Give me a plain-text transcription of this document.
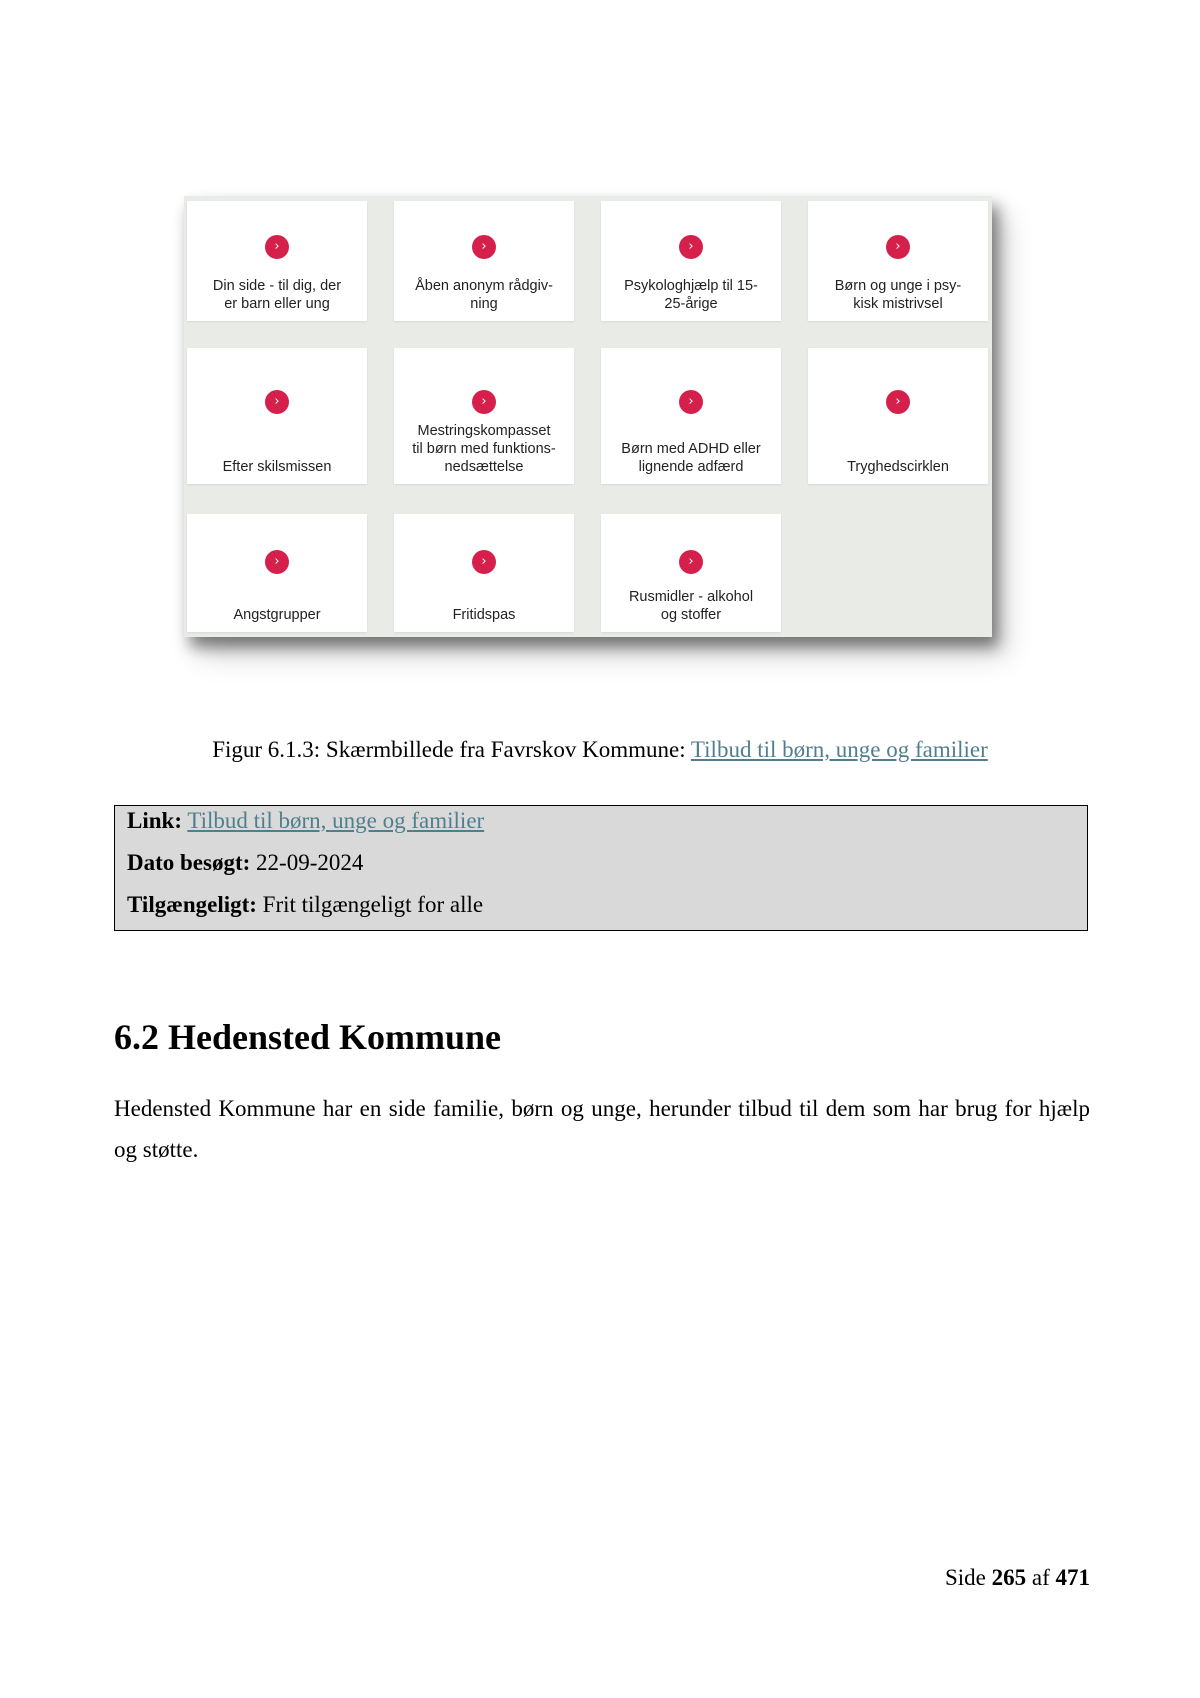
›
Din side - til dig, der
er barn eller ung
›
Åben anonym rådgiv-
ning
›
Psykologhjælp til 15-
25-årige
›
Børn og unge i psy-
kisk mistrivsel
›
Efter skilsmissen
›
Mestringskompasset
til børn med funktions-
nedsættelse
›
Børn med ADHD eller
lignende adfærd
›
Tryghedscirklen
›
Angstgrupper
›
Fritidspas
›
Rusmidler - alkohol
og stoffer
Figur 6.1.3: Skærmbillede fra Favrskov Kommune: Tilbud til børn, unge og familier
Link: Tilbud til børn, unge og familier
Dato besøgt: 22-09-2024
Tilgængeligt: Frit tilgængeligt for alle
6.2 Hedensted Kommune

Hedensted Kommune har en side familie, børn og unge, herunder tilbud til dem som har brug for hjælp og støtte.

Side 265 af 471
